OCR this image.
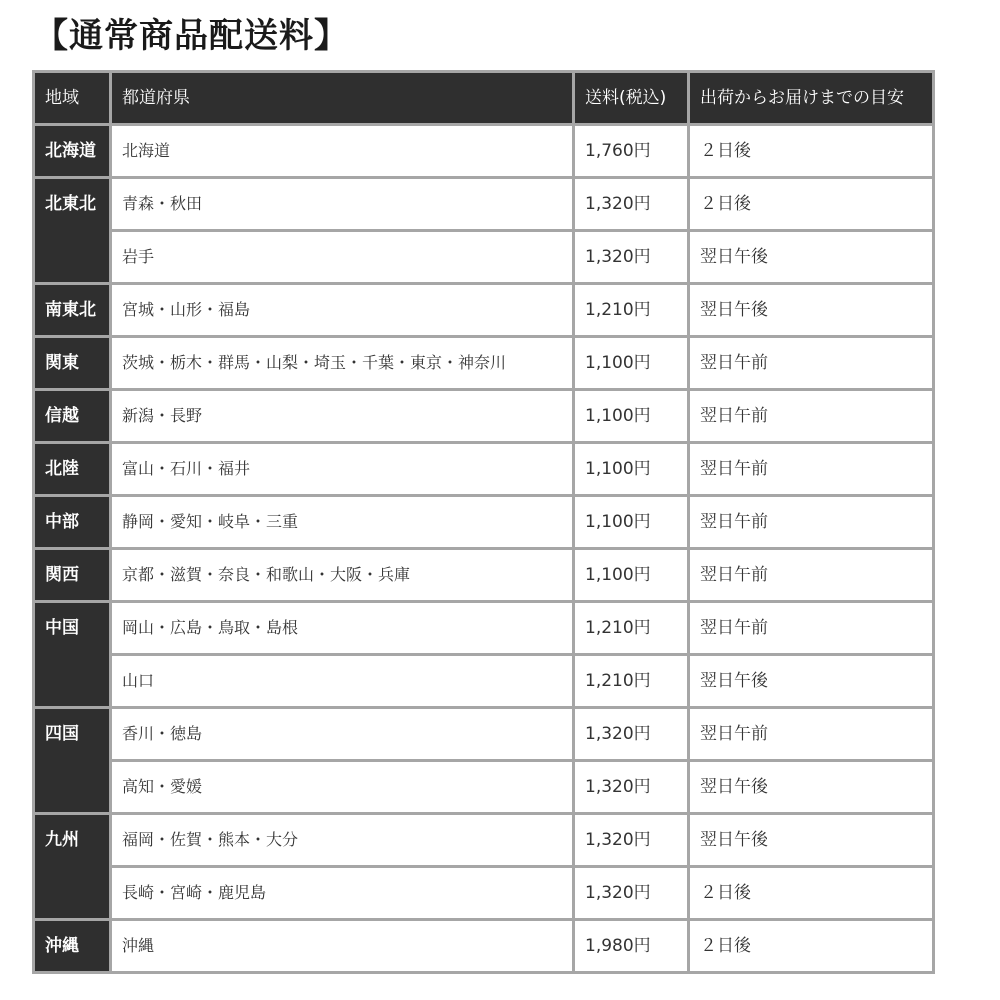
【通常商品配送料】
地域	都道府県	送料(税込)	出荷からお届けまでの目安
北海道	北海道	1,760円	２日後
北東北	青森・秋田	1,320円	２日後
	岩手	1,320円	翌日午後
南東北	宮城・山形・福島	1,210円	翌日午後
関東	茨城・栃木・群馬・山梨・埼玉・千葉・東京・神奈川	1,100円	翌日午前
信越	新潟・長野	1,100円	翌日午前
北陸	富山・石川・福井	1,100円	翌日午前
中部	静岡・愛知・岐阜・三重	1,100円	翌日午前
関西	京都・滋賀・奈良・和歌山・大阪・兵庫	1,100円	翌日午前
中国	岡山・広島・鳥取・島根	1,210円	翌日午前
	山口	1,210円	翌日午後
四国	香川・徳島	1,320円	翌日午前
	高知・愛媛	1,320円	翌日午後
九州	福岡・佐賀・熊本・大分	1,320円	翌日午後
	長崎・宮崎・鹿児島	1,320円	２日後
沖縄	沖縄	1,980円	２日後
